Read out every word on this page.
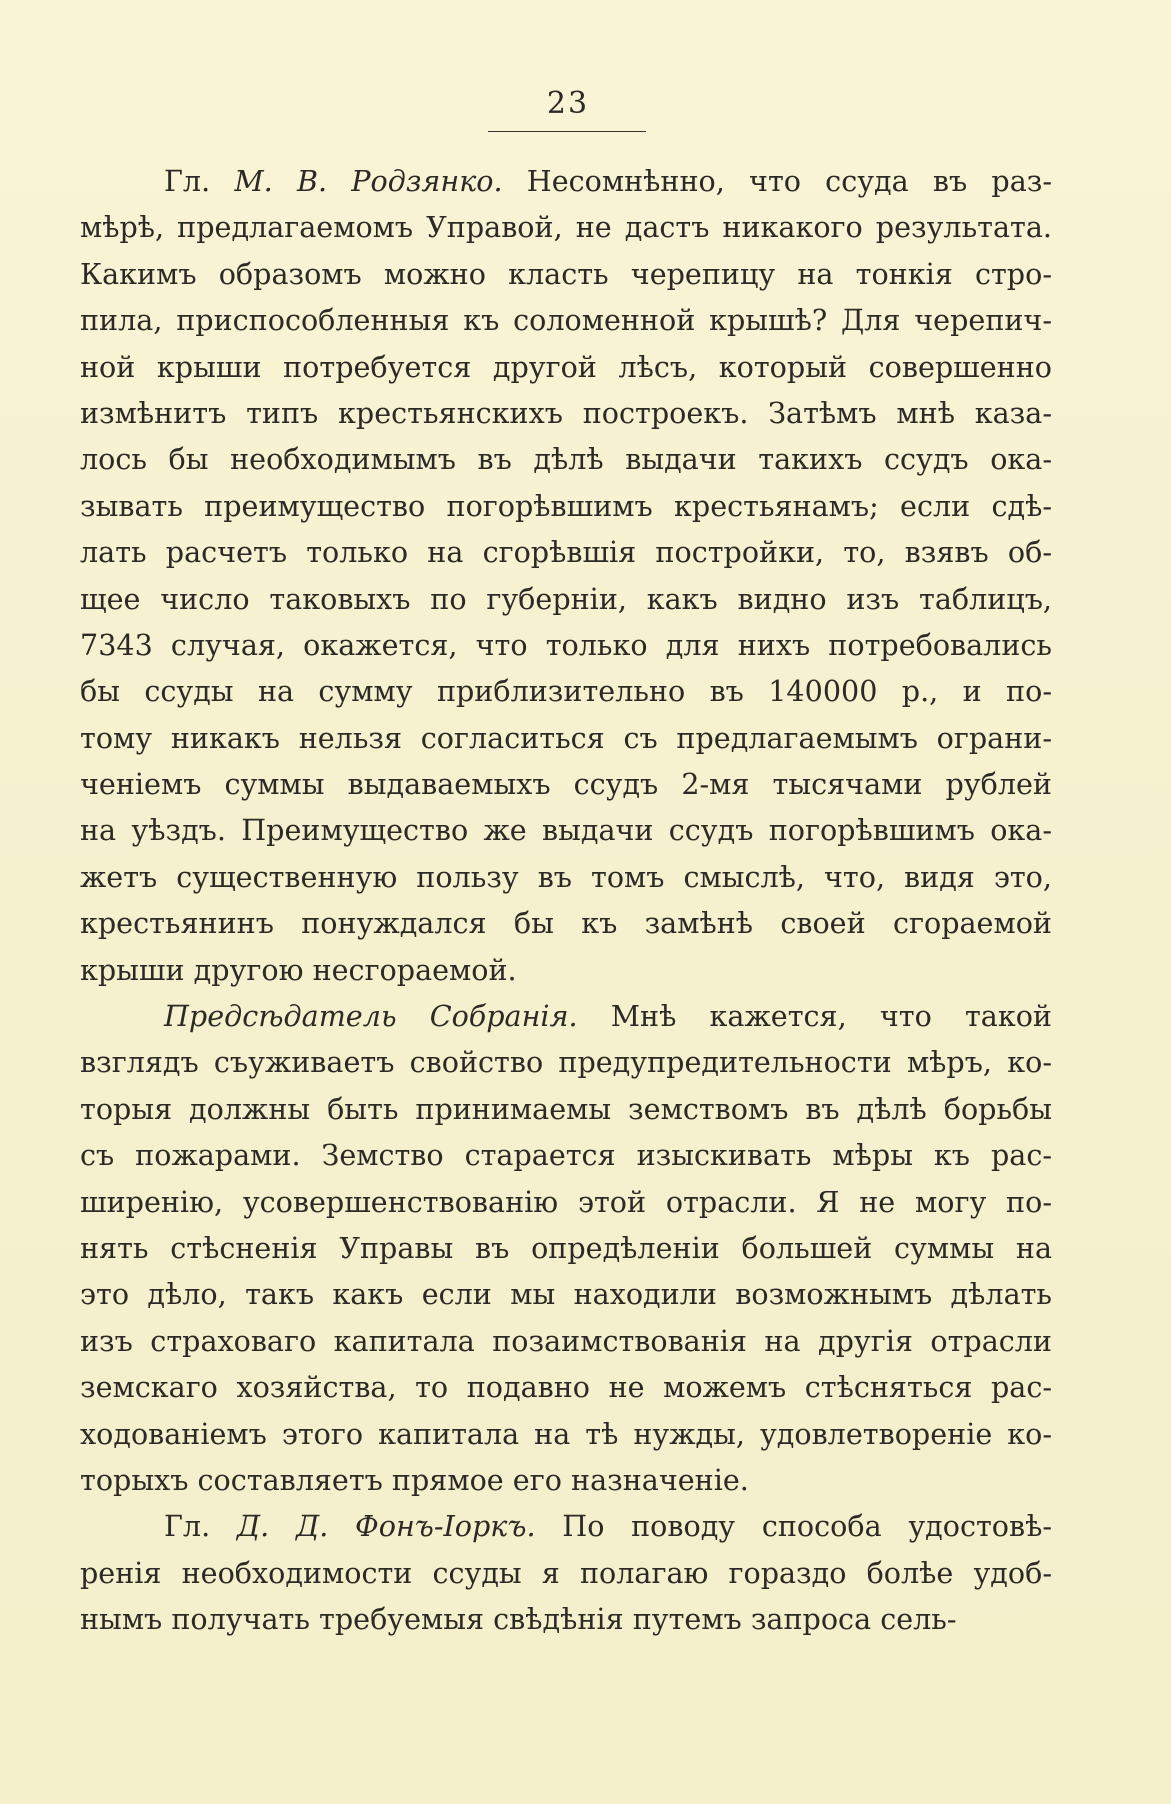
23
Гл. М. В. Родзянко. Несомнѣнно, что ссуда въ раз-
мѣрѣ, предлагаемомъ Управой, не дастъ никакого результата.
Какимъ образомъ можно класть черепицу на тонкія стро-
пила, приспособленныя къ соломенной крышѣ? Для черепич-
ной крыши потребуется другой лѣсъ, который совершенно
измѣнитъ типъ крестьянскихъ построекъ. Затѣмъ мнѣ каза-
лось бы необходимымъ въ дѣлѣ выдачи такихъ ссудъ ока-
зывать преимущество погорѣвшимъ крестьянамъ; если сдѣ-
лать расчетъ только на сгорѣвшія постройки, то, взявъ об-
щее число таковыхъ по губерніи, какъ видно изъ таблицъ,
7343 случая, окажется, что только для нихъ потребовались
бы ссуды на сумму приблизительно въ 140000 р., и по-
тому никакъ нельзя согласиться съ предлагаемымъ ограни-
ченіемъ суммы выдаваемыхъ ссудъ 2-мя тысячами рублей
на уѣздъ. Преимущество же выдачи ссудъ погорѣвшимъ ока-
жетъ существенную пользу въ томъ смыслѣ, что, видя это,
крестьянинъ понуждался бы къ замѣнѣ своей сгораемой
крыши другою несгораемой.
Предсѣдатель Собранія. Мнѣ кажется, что такой
взглядъ съуживаетъ свойство предупредительности мѣръ, ко-
торыя должны быть принимаемы земствомъ въ дѣлѣ борьбы
съ пожарами. Земство старается изыскивать мѣры къ рас-
ширенію, усовершенствованію этой отрасли. Я не могу по-
нять стѣсненія Управы въ опредѣленіи большей суммы на
это дѣло, такъ какъ если мы находили возможнымъ дѣлать
изъ страховаго капитала позаимствованія на другія отрасли
земскаго хозяйства, то подавно не можемъ стѣсняться рас-
ходованіемъ этого капитала на тѣ нужды, удовлетвореніе ко-
торыхъ составляетъ прямое его назначеніе.
Гл. Д. Д. Фонъ-Іоркъ. По поводу способа удостовѣ-
ренія необходимости ссуды я полагаю гораздо болѣе удоб-
нымъ получать требуемыя свѣдѣнія путемъ запроса сель-
